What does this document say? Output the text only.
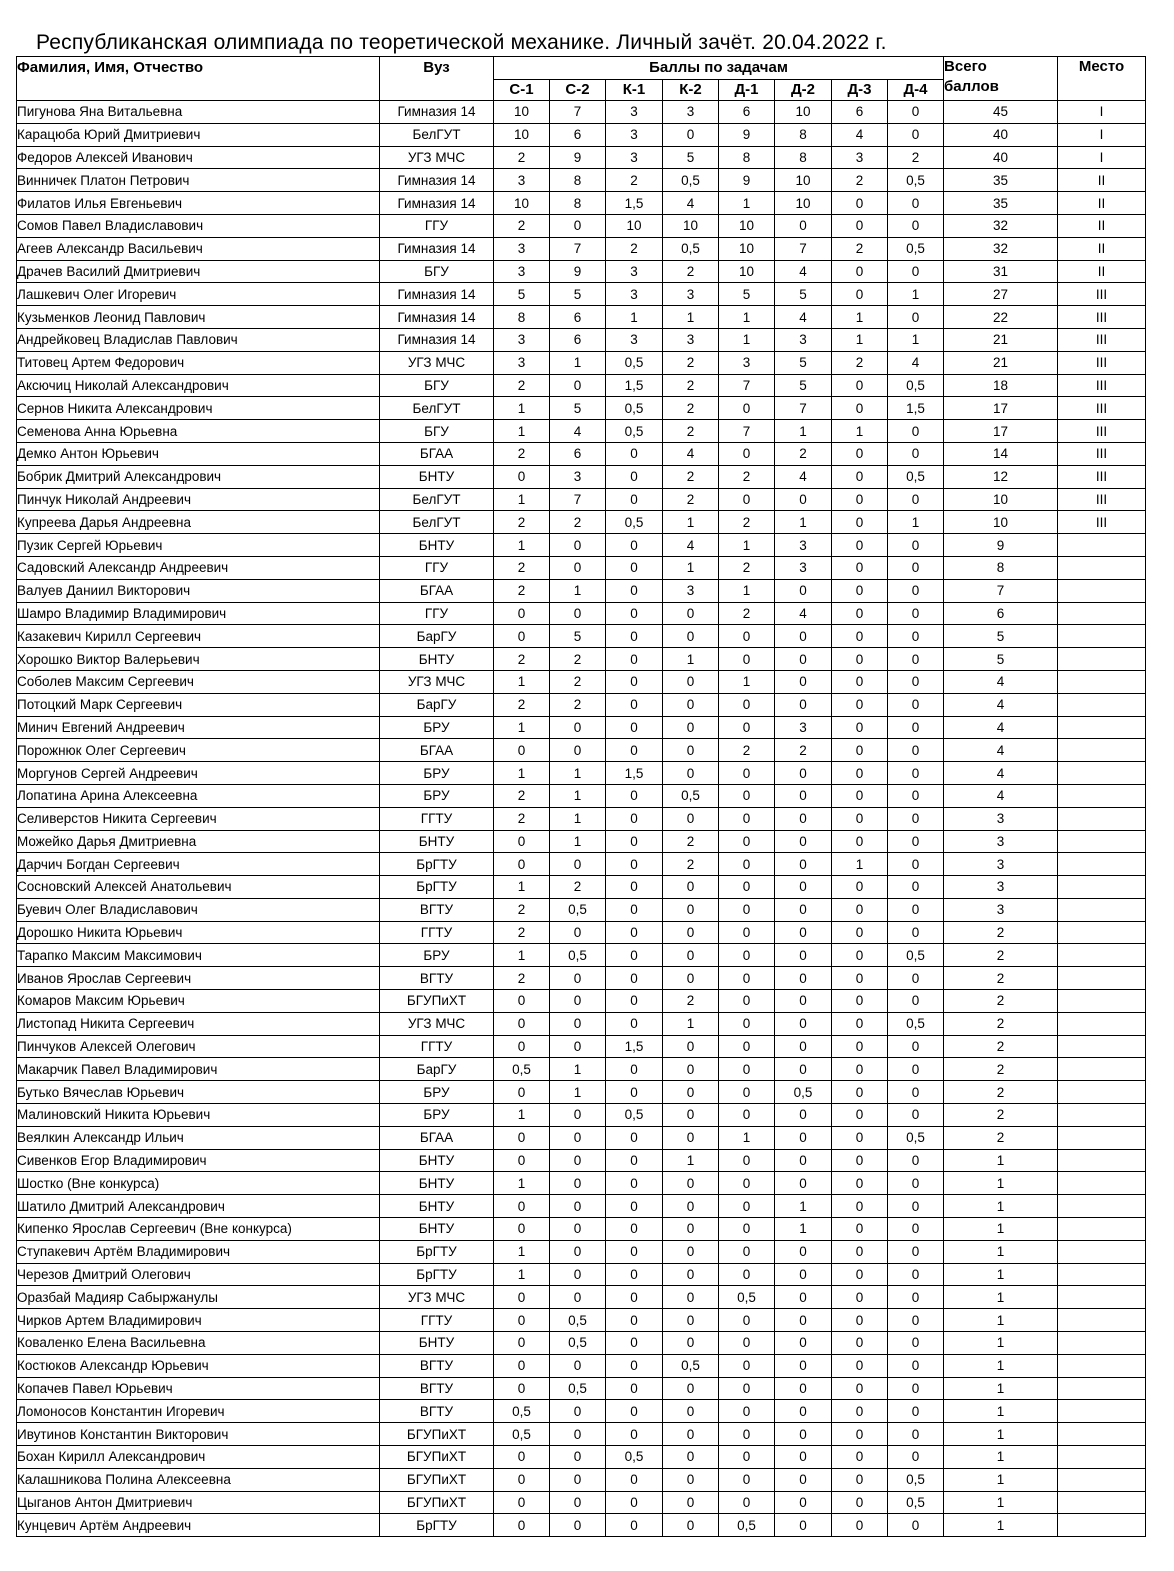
Республиканская олимпиада по теоретической механике. Личный зачёт. 20.04.2022 г.
Фамилия, Имя, Отчество	Вуз	Баллы по задачам								Всего
баллов	Место
		С-1	С-2	К-1	К-2	Д-1	Д-2	Д-3	Д-4		
Пигунова Яна Витальевна	Гимназия 14	10	7	3	3	6	10	6	0	45	I
Карацюба Юрий Дмитриевич	БелГУТ	10	6	3	0	9	8	4	0	40	I
Федоров Алексей Иванович	УГЗ МЧС	2	9	3	5	8	8	3	2	40	I
Винничек Платон Петрович	Гимназия 14	3	8	2	0,5	9	10	2	0,5	35	II
Филатов Илья Евгеньевич	Гимназия 14	10	8	1,5	4	1	10	0	0	35	II
Сомов Павел Владиславович	ГГУ	2	0	10	10	10	0	0	0	32	II
Агеев Александр Васильевич	Гимназия 14	3	7	2	0,5	10	7	2	0,5	32	II
Драчев Василий Дмитриевич	БГУ	3	9	3	2	10	4	0	0	31	II
Лашкевич Олег Игоревич	Гимназия 14	5	5	3	3	5	5	0	1	27	III
Кузьменков Леонид Павлович	Гимназия 14	8	6	1	1	1	4	1	0	22	III
Андрейковец Владислав Павлович	Гимназия 14	3	6	3	3	1	3	1	1	21	III
Титовец Артем Федорович	УГЗ МЧС	3	1	0,5	2	3	5	2	4	21	III
Аксючиц Николай Александрович	БГУ	2	0	1,5	2	7	5	0	0,5	18	III
Сернов Никита Александрович	БелГУТ	1	5	0,5	2	0	7	0	1,5	17	III
Семенова Анна Юрьевна	БГУ	1	4	0,5	2	7	1	1	0	17	III
Демко Антон Юрьевич	БГАА	2	6	0	4	0	2	0	0	14	III
Бобрик Дмитрий Александрович	БНТУ	0	3	0	2	2	4	0	0,5	12	III
Пинчук Николай Андреевич	БелГУТ	1	7	0	2	0	0	0	0	10	III
Купреева Дарья Андреевна	БелГУТ	2	2	0,5	1	2	1	0	1	10	III
Пузик Сергей Юрьевич	БНТУ	1	0	0	4	1	3	0	0	9	
Садовский Александр Андреевич	ГГУ	2	0	0	1	2	3	0	0	8	
Валуев Даниил Викторович	БГАА	2	1	0	3	1	0	0	0	7	
Шамро Владимир Владимирович	ГГУ	0	0	0	0	2	4	0	0	6	
Казакевич Кирилл Сергеевич	БарГУ	0	5	0	0	0	0	0	0	5	
Хорошко Виктор Валерьевич	БНТУ	2	2	0	1	0	0	0	0	5	
Соболев Максим Сергеевич	УГЗ МЧС	1	2	0	0	1	0	0	0	4	
Потоцкий Марк Сергеевич	БарГУ	2	2	0	0	0	0	0	0	4	
Минич Евгений Андреевич	БРУ	1	0	0	0	0	3	0	0	4	
Порожнюк Олег Сергеевич	БГАА	0	0	0	0	2	2	0	0	4	
Моргунов Сергей Андреевич	БРУ	1	1	1,5	0	0	0	0	0	4	
Лопатина Арина Алексеевна	БРУ	2	1	0	0,5	0	0	0	0	4	
Селиверстов Никита Сергеевич	ГГТУ	2	1	0	0	0	0	0	0	3	
Можейко Дарья Дмитриевна	БНТУ	0	1	0	2	0	0	0	0	3	
Дарчич Богдан Сергеевич	БрГТУ	0	0	0	2	0	0	1	0	3	
Сосновский Алексей Анатольевич	БрГТУ	1	2	0	0	0	0	0	0	3	
Буевич Олег Владиславович	ВГТУ	2	0,5	0	0	0	0	0	0	3	
Дорошко Никита Юрьевич	ГГТУ	2	0	0	0	0	0	0	0	2	
Тарапко Максим Максимович	БРУ	1	0,5	0	0	0	0	0	0,5	2	
Иванов Ярослав Сергеевич	ВГТУ	2	0	0	0	0	0	0	0	2	
Комаров Максим Юрьевич	БГУПиХТ	0	0	0	2	0	0	0	0	2	
Листопад Никита Сергеевич	УГЗ МЧС	0	0	0	1	0	0	0	0,5	2	
Пинчуков Алексей Олегович	ГГТУ	0	0	1,5	0	0	0	0	0	2	
Макарчик Павел Владимирович	БарГУ	0,5	1	0	0	0	0	0	0	2	
Бутько Вячеслав Юрьевич	БРУ	0	1	0	0	0	0,5	0	0	2	
Малиновский Никита Юрьевич	БРУ	1	0	0,5	0	0	0	0	0	2	
Веялкин Александр Ильич	БГАА	0	0	0	0	1	0	0	0,5	2	
Сивенков Егор Владимирович	БНТУ	0	0	0	1	0	0	0	0	1	
Шостко (Вне конкурса)	БНТУ	1	0	0	0	0	0	0	0	1	
Шатило Дмитрий Александрович	БНТУ	0	0	0	0	0	1	0	0	1	
Кипенко Ярослав Сергеевич (Вне конкурса)	БНТУ	0	0	0	0	0	1	0	0	1	
Ступакевич Артём Владимирович	БрГТУ	1	0	0	0	0	0	0	0	1	
Черезов Дмитрий Олегович	БрГТУ	1	0	0	0	0	0	0	0	1	
Оразбай Мадияр Сабыржанулы	УГЗ МЧС	0	0	0	0	0,5	0	0	0	1	
Чирков Артем Владимирович	ГГТУ	0	0,5	0	0	0	0	0	0	1	
Коваленко Елена Васильевна	БНТУ	0	0,5	0	0	0	0	0	0	1	
Костюков Александр Юрьевич	ВГТУ	0	0	0	0,5	0	0	0	0	1	
Копачев Павел Юрьевич	ВГТУ	0	0,5	0	0	0	0	0	0	1	
Ломоносов Константин Игоревич	ВГТУ	0,5	0	0	0	0	0	0	0	1	
Ивутинов Константин Викторович	БГУПиХТ	0,5	0	0	0	0	0	0	0	1	
Бохан Кирилл Александрович	БГУПиХТ	0	0	0,5	0	0	0	0	0	1	
Калашникова Полина Алексеевна	БГУПиХТ	0	0	0	0	0	0	0	0,5	1	
Цыганов Антон Дмитриевич	БГУПиХТ	0	0	0	0	0	0	0	0,5	1	
Кунцевич Артём Андреевич	БрГТУ	0	0	0	0	0,5	0	0	0	1	
